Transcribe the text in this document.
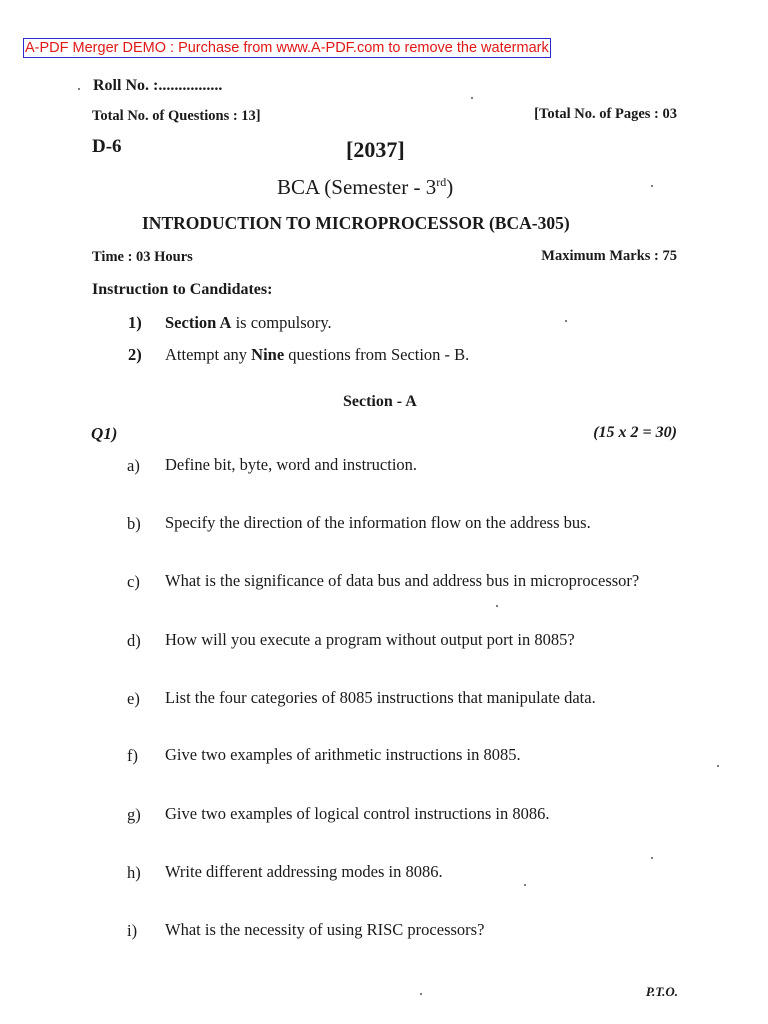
A-PDF Merger DEMO : Purchase from www.A-PDF.com to remove the watermark
Roll No. :................
Total No. of Questions : 13]	[Total No. of Pages : 03
D-6	[2037]
BCA (Semester - 3rd)
INTRODUCTION TO MICROPROCESSOR (BCA-305)
Time : 03 Hours	Maximum Marks : 75
Instruction to Candidates:
1) Section A is compulsory.
2) Attempt any Nine questions from Section - B.
Section - A
Q1)	(15 x 2 = 30)
a) Define bit, byte, word and instruction.
b) Specify the direction of the information flow on the address bus.
c) What is the significance of data bus and address bus in microprocessor?
d) How will you execute a program without output port in 8085?
e) List the four categories of 8085 instructions that manipulate data.
f) Give two examples of arithmetic instructions in 8085.
g) Give two examples of logical control instructions in 8086.
h) Write different addressing modes in 8086.
i) What is the necessity of using RISC processors?
P.T.O.
